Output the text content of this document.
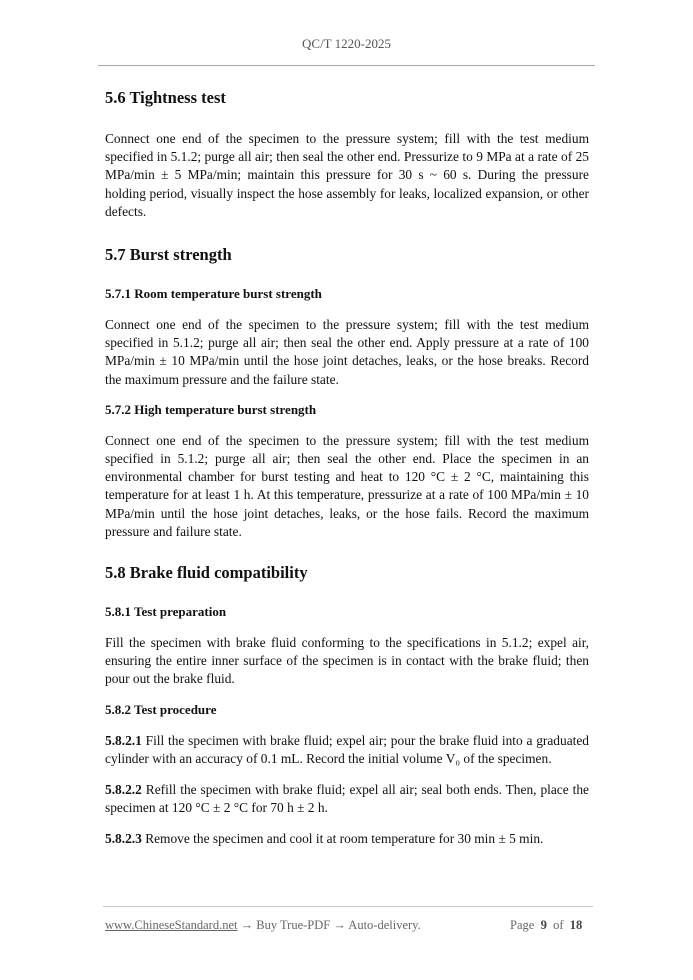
QC/T 1220-2025
5.6 Tightness test

Connect one end of the specimen to the pressure system; fill with the test medium specified in 5.1.2; purge all air; then seal the other end. Pressurize to 9 MPa at a rate of 25 MPa/min ± 5 MPa/min; maintain this pressure for 30 s ~ 60 s. During the pressure holding period, visually inspect the hose assembly for leaks, localized expansion, or other defects.

5.7 Burst strength
5.7.1 Room temperature burst strength

Connect one end of the specimen to the pressure system; fill with the test medium specified in 5.1.2; purge all air; then seal the other end. Apply pressure at a rate of 100 MPa/min ± 10 MPa/min until the hose joint detaches, leaks, or the hose breaks. Record the maximum pressure and the failure state.

5.7.2 High temperature burst strength

Connect one end of the specimen to the pressure system; fill with the test medium specified in 5.1.2; purge all air; then seal the other end. Place the specimen in an environmental chamber for burst testing and heat to 120 °C ± 2 °C, maintaining this temperature for at least 1 h. At this temperature, pressurize at a rate of 100 MPa/min ± 10 MPa/min until the hose joint detaches, leaks, or the hose fails. Record the maximum pressure and failure state.

5.8 Brake fluid compatibility
5.8.1 Test preparation

Fill the specimen with brake fluid conforming to the specifications in 5.1.2; expel air, ensuring the entire inner surface of the specimen is in contact with the brake fluid; then pour out the brake fluid.

5.8.2 Test procedure

5.8.2.1 Fill the specimen with brake fluid; expel air; pour the brake fluid into a graduated cylinder with an accuracy of 0.1 mL. Record the initial volume V₀ of the specimen.

5.8.2.2 Refill the specimen with brake fluid; expel all air; seal both ends. Then, place the specimen at 120 °C ± 2 °C for 70 h ± 2 h.

5.8.2.3 Remove the specimen and cool it at room temperature for 30 min ± 5 min.

www.ChineseStandard.net → Buy True-PDF → Auto-delivery.	Page 9 of 18
